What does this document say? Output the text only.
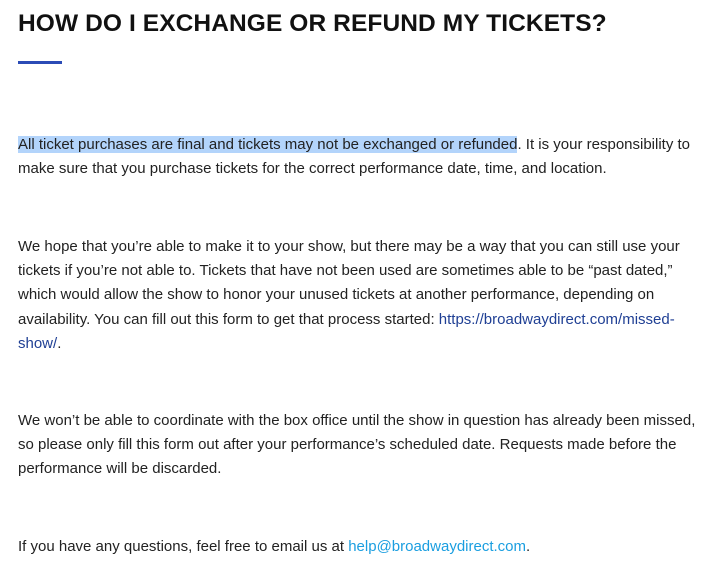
HOW DO I EXCHANGE OR REFUND MY TICKETS?

All ticket purchases are final and tickets may not be exchanged or refunded. It is your responsibility to make sure that you purchase tickets for the correct performance date, time, and location.

We hope that you’re able to make it to your show, but there may be a way that you can still use your tickets if you’re not able to. Tickets that have not been used are sometimes able to be “past dated,” which would allow the show to honor your unused tickets at another performance, depending on availability. You can fill out this form to get that process started: https://broadwaydirect.com/missed-show/.

We won’t be able to coordinate with the box office until the show in question has already been missed, so please only fill this form out after your performance’s scheduled date. Requests made before the performance will be discarded.

If you have any questions, feel free to email us at help@broadwaydirect.com.
